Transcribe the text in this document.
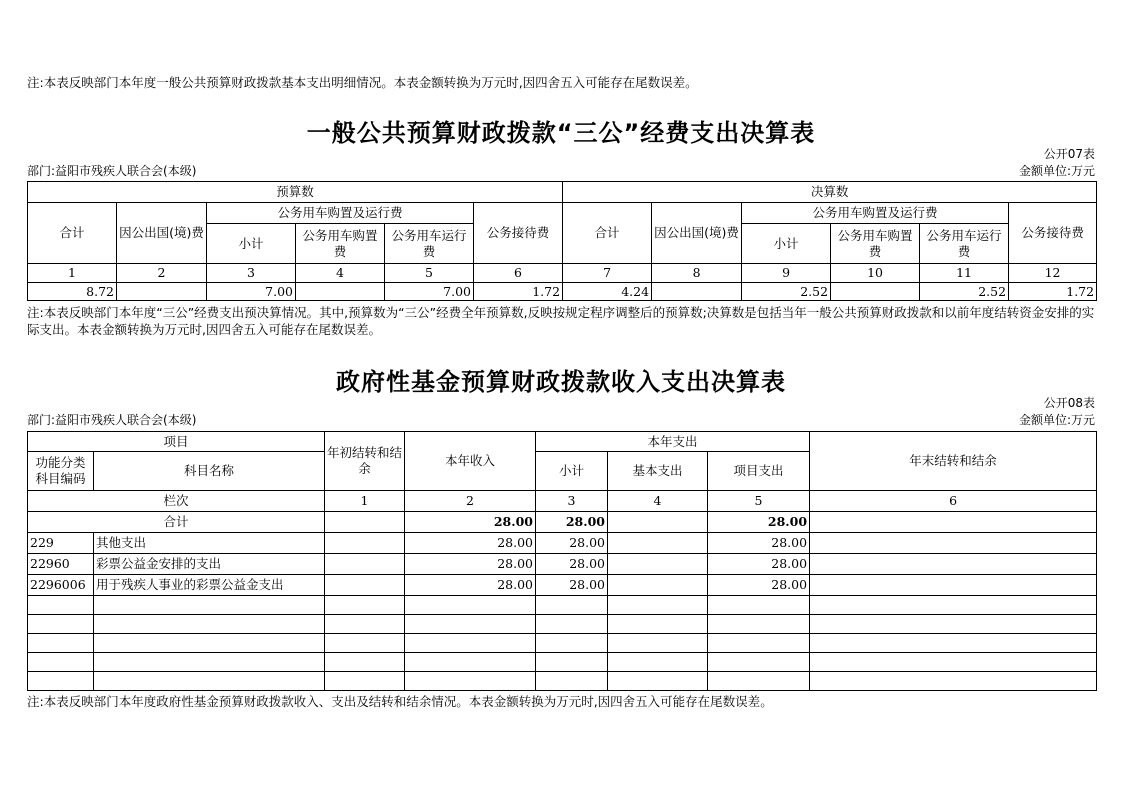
注:本表反映部门本年度一般公共预算财政拨款基本支出明细情况。本表金额转换为万元时,因四舍五入可能存在尾数误差。
一般公共预算财政拨款“三公”经费支出决算表
公开07表
部门:益阳市残疾人联合会(本级)	金额单位:万元
预算数						决算数					
合计	因公出国(境)费	公务用车购置及运行费			公务接待费	合计	因公出国(境)费	公务用车购置及运行费			公务接待费
		小计	公务用车购置费	公务用车运行费				小计	公务用车购置费	公务用车运行费	
1	2	3	4	5	6	7	8	9	10	11	12
8.72		7.00		7.00	1.72	4.24		2.52		2.52	1.72
注:本表反映部门本年度“三公”经费支出预决算情况。其中,预算数为“三公”经费全年预算数,反映按规定程序调整后的预算数;决算数是包括当年一般公共预算财政拨款和以前年度结转资金安排的实际支出。本表金额转换为万元时,因四舍五入可能存在尾数误差。
政府性基金预算财政拨款收入支出决算表
公开08表
部门:益阳市残疾人联合会(本级)	金额单位:万元
项目		年初结转和结余	本年收入	本年支出			年末结转和结余
功能分类科目编码	科目名称			小计	基本支出	项目支出	
栏次		1	2	3	4	5	6
合计			28.00	28.00		28.00	
229	其他支出		28.00	28.00		28.00	
22960	彩票公益金安排的支出		28.00	28.00		28.00	
2296006	用于残疾人事业的彩票公益金支出		28.00	28.00		28.00	

注:本表反映部门本年度政府性基金预算财政拨款收入、支出及结转和结余情况。本表金额转换为万元时,因四舍五入可能存在尾数误差。
